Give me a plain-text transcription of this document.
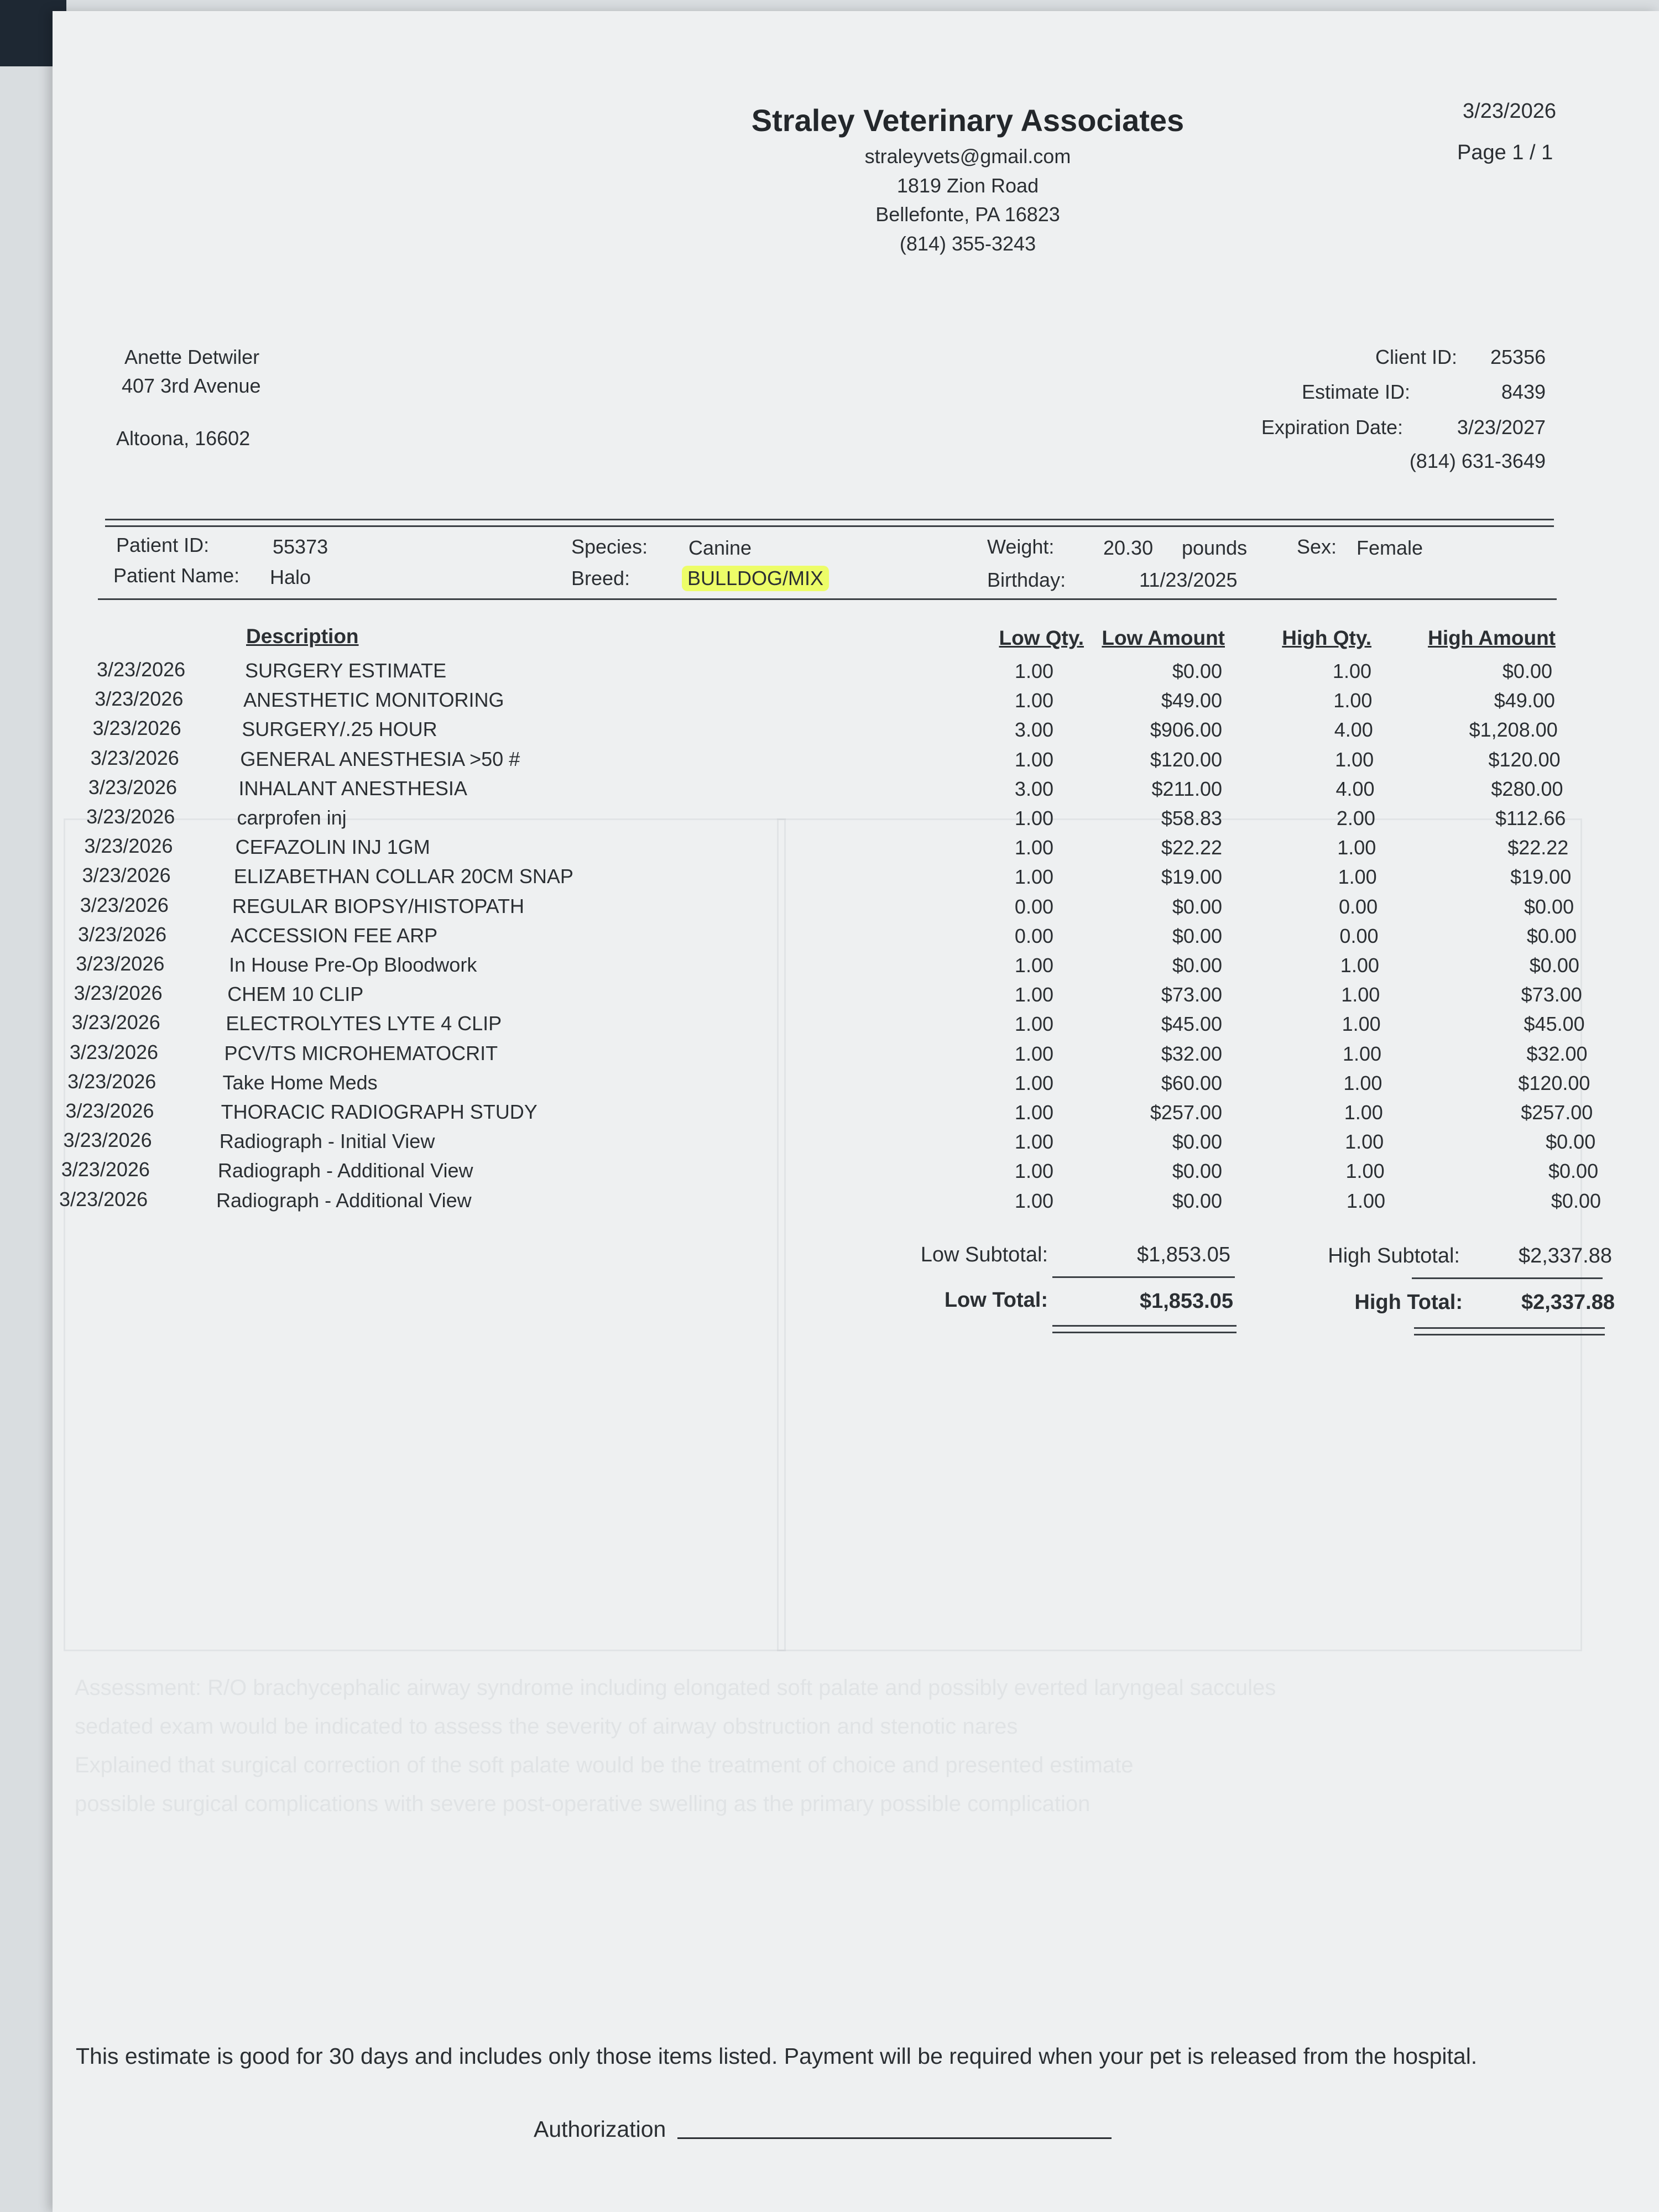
Assessment: R/O brachycephalic airway syndrome including elongated soft palate and possibly everted laryngeal saccules
sedated exam would be indicated to assess the severity of airway obstruction and stenotic nares
Explained that surgical correction of the soft palate would be the treatment of choice and presented estimate
possible surgical complications with severe post-operative swelling as the primary possible complication
Straley Veterinary Associates
straleyvets@gmail.com
1819 Zion Road
Bellefonte, PA 16823
(814) 355-3243
3/23/2026
Page 1 / 1
Anette Detwiler
407 3rd Avenue
Altoona, 16602
Client ID: 25356
Estimate ID:	8439
Expiration Date:	3/23/2027
(814) 631-3649
Patient ID:	55373
Patient Name: Halo
Species: Canine
Breed:	BULLDOG/MIX
Weight: 20.30 pounds
Birthday:	11/23/2025
Sex: Female
Description	Low Qty. Low Amount	High Qty.	High Amount
3/23/2026	SURGERY ESTIMATE	1.00	$0.00	1.00	$0.00
3/23/2026	ANESTHETIC MONITORING	1.00	$49.00	1.00	$49.00
3/23/2026	SURGERY/.25 HOUR	3.00	$906.00	4.00	$1,208.00
3/23/2026	GENERAL ANESTHESIA >50 #	1.00	$120.00	1.00	$120.00
3/23/2026	INHALANT ANESTHESIA	3.00	$211.00	4.00	$280.00
3/23/2026	carprofen inj	1.00	$58.83	2.00	$112.66
3/23/2026	CEFAZOLIN INJ 1GM	1.00	$22.22	1.00	$22.22
3/23/2026	ELIZABETHAN COLLAR 20CM SNAP	1.00	$19.00	1.00	$19.00
3/23/2026	REGULAR BIOPSY/HISTOPATH	0.00	$0.00	0.00	$0.00
3/23/2026	ACCESSION FEE ARP	0.00	$0.00	0.00	$0.00
3/23/2026	In House Pre-Op Bloodwork	1.00	$0.00	1.00	$0.00
3/23/2026	CHEM 10 CLIP	1.00	$73.00	1.00	$73.00
3/23/2026	ELECTROLYTES LYTE 4 CLIP	1.00	$45.00	1.00	$45.00
3/23/2026	PCV/TS MICROHEMATOCRIT	1.00	$32.00	1.00	$32.00
3/23/2026	Take Home Meds	1.00	$60.00	1.00	$120.00
3/23/2026	THORACIC RADIOGRAPH STUDY	1.00	$257.00	1.00	$257.00
3/23/2026	Radiograph - Initial View	1.00	$0.00	1.00	$0.00
3/23/2026	Radiograph - Additional View	1.00	$0.00	1.00	$0.00
3/23/2026	Radiograph - Additional View	1.00	$0.00	1.00	$0.00
Low Subtotal:	$1,853.05	High Subtotal:	$2,337.88
Low Total:	$1,853.05	High Total:	$2,337.88
This estimate is good for 30 days and includes only those items listed. Payment will be required when your pet is released from the hospital.
Authorization
